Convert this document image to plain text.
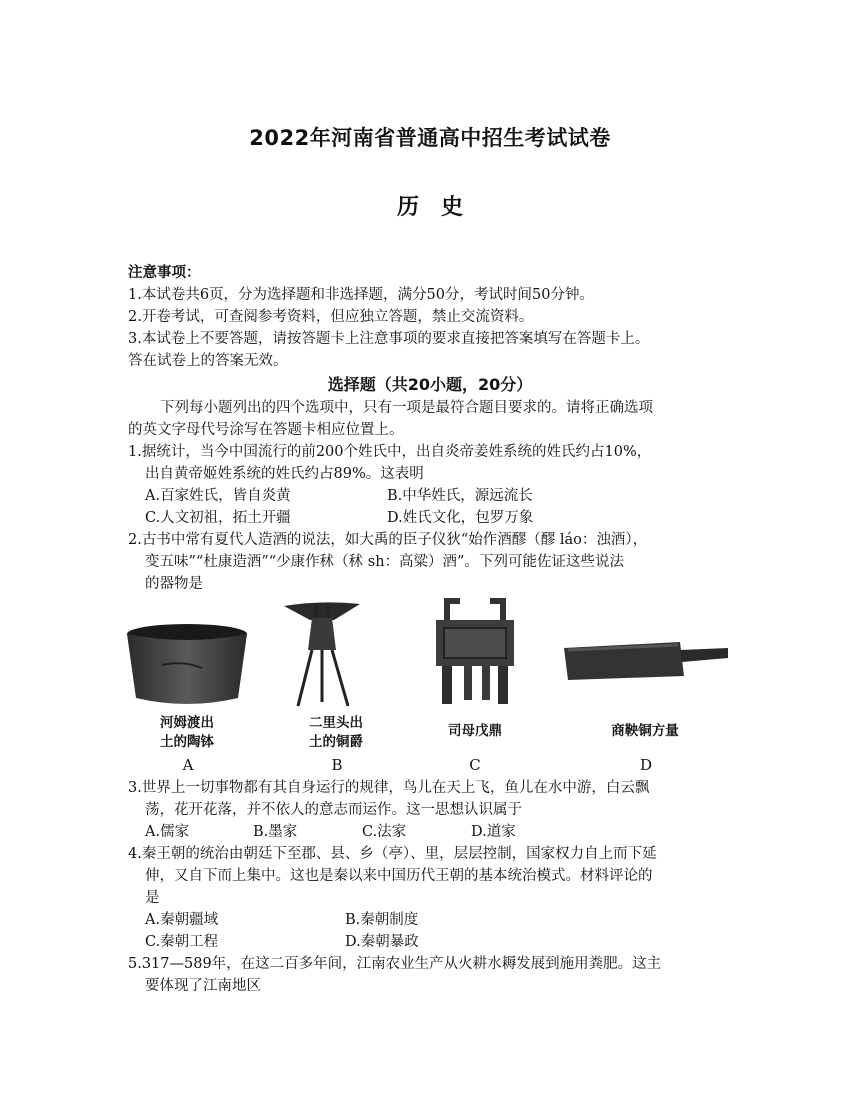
2022年河南省普通高中招生考试试卷
历史
注意事项：
1.本试卷共6页，分为选择题和非选择题，满分50分，考试时间50分钟。
2.开卷考试，可查阅参考资料，但应独立答题，禁止交流资料。
3.本试卷上不要答题，请按答题卡上注意事项的要求直接把答案填写在答题卡上。
答在试卷上的答案无效。
选择题（共20小题，20分）
下列每小题列出的四个选项中，只有一项是最符合题目要求的。请将正确选项
的英文字母代号涂写在答题卡相应位置上。
1.据统计，当今中国流行的前200个姓氏中，出自炎帝姜姓系统的姓氏约占10%，
出自黄帝姬姓系统的姓氏约占89%。这表明
A.百家姓氏，皆自炎黄	B.中华姓氏，源远流长
C.人文初祖，拓土开疆	D.姓氏文化，包罗万象
2.古书中常有夏代人造酒的说法，如大禹的臣子仪狄“始作酒醪（醪 láo：浊酒），
变五味”“杜康造酒”“少康作秫（秫 sh：高粱）酒”。下列可能佐证这些说法
的器物是
河姆渡出
土的陶钵
二里头出
土的铜爵
司母戊鼎	商鞅铜方量
A	B	C	D
3.世界上一切事物都有其自身运行的规律，鸟儿在天上飞，鱼儿在水中游，白云飘
荡，花开花落，并不依人的意志而运作。这一思想认识属于
A.儒家	B.墨家	C.法家	D.道家
4.秦王朝的统治由朝廷下至郡、县、乡（亭）、里，层层控制，国家权力自上而下延
伸，又自下而上集中。这也是秦以来中国历代王朝的基本统治模式。材料评论的
是
A.秦朝疆域	B.秦朝制度
C.秦朝工程	D.秦朝暴政
5.317—589年，在这二百多年间，江南农业生产从火耕水耨发展到施用粪肥。这主
要体现了江南地区
